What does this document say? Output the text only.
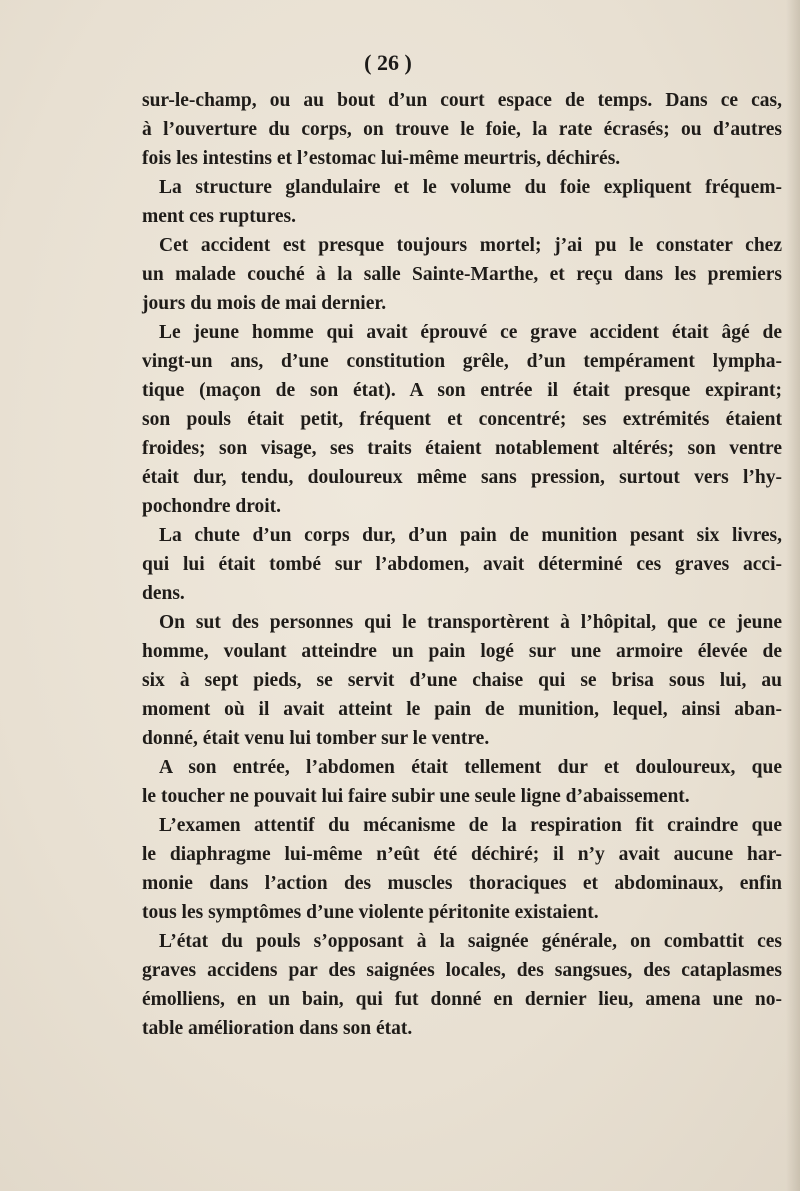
( 26 )
sur-le-champ, ou au bout d’un court espace de temps. Dans ce cas,
à l’ouverture du corps, on trouve le foie, la rate écrasés; ou d’autres
fois les intestins et l’estomac lui-même meurtris, déchirés.
La structure glandulaire et le volume du foie expliquent fréquem-
ment ces ruptures.
Cet accident est presque toujours mortel; j’ai pu le constater chez
un malade couché à la salle Sainte-Marthe, et reçu dans les premiers
jours du mois de mai dernier.
Le jeune homme qui avait éprouvé ce grave accident était âgé de
vingt-un ans, d’une constitution grêle, d’un tempérament lympha-
tique (maçon de son état). A son entrée il était presque expirant;
son pouls était petit, fréquent et concentré; ses extrémités étaient
froides; son visage, ses traits étaient notablement altérés; son ventre
était dur, tendu, douloureux même sans pression, surtout vers l’hy-
pochondre droit.
La chute d’un corps dur, d’un pain de munition pesant six livres,
qui lui était tombé sur l’abdomen, avait déterminé ces graves acci-
dens.
On sut des personnes qui le transportèrent à l’hôpital, que ce jeune
homme, voulant atteindre un pain logé sur une armoire élevée de
six à sept pieds, se servit d’une chaise qui se brisa sous lui, au
moment où il avait atteint le pain de munition, lequel, ainsi aban-
donné, était venu lui tomber sur le ventre.
A son entrée, l’abdomen était tellement dur et douloureux, que
le toucher ne pouvait lui faire subir une seule ligne d’abaissement.
L’examen attentif du mécanisme de la respiration fit craindre que
le diaphragme lui-même n’eût été déchiré; il n’y avait aucune har-
monie dans l’action des muscles thoraciques et abdominaux, enfin
tous les symptômes d’une violente péritonite existaient.
L’état du pouls s’opposant à la saignée générale, on combattit ces
graves accidens par des saignées locales, des sangsues, des cataplasmes
émolliens, en un bain, qui fut donné en dernier lieu, amena une no-
table amélioration dans son état.
